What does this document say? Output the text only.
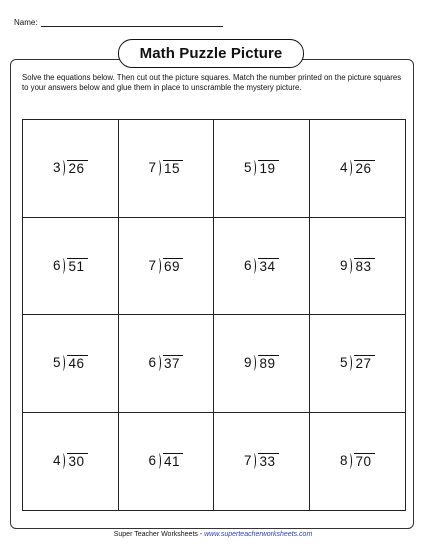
Name:
Math Puzzle Picture

Solve the equations below. Then cut out the picture squares. Match the number printed on the picture squares to your answers below and glue them in place to unscramble the mystery picture.

3 26	7 15	5 19	4 26
6 51	7 69	6 34	9 83
5 46	6 37	9 89	5 27
4 30	6 41	7 33	8 70
Super Teacher Worksheets - www.superteacherworksheets.com
